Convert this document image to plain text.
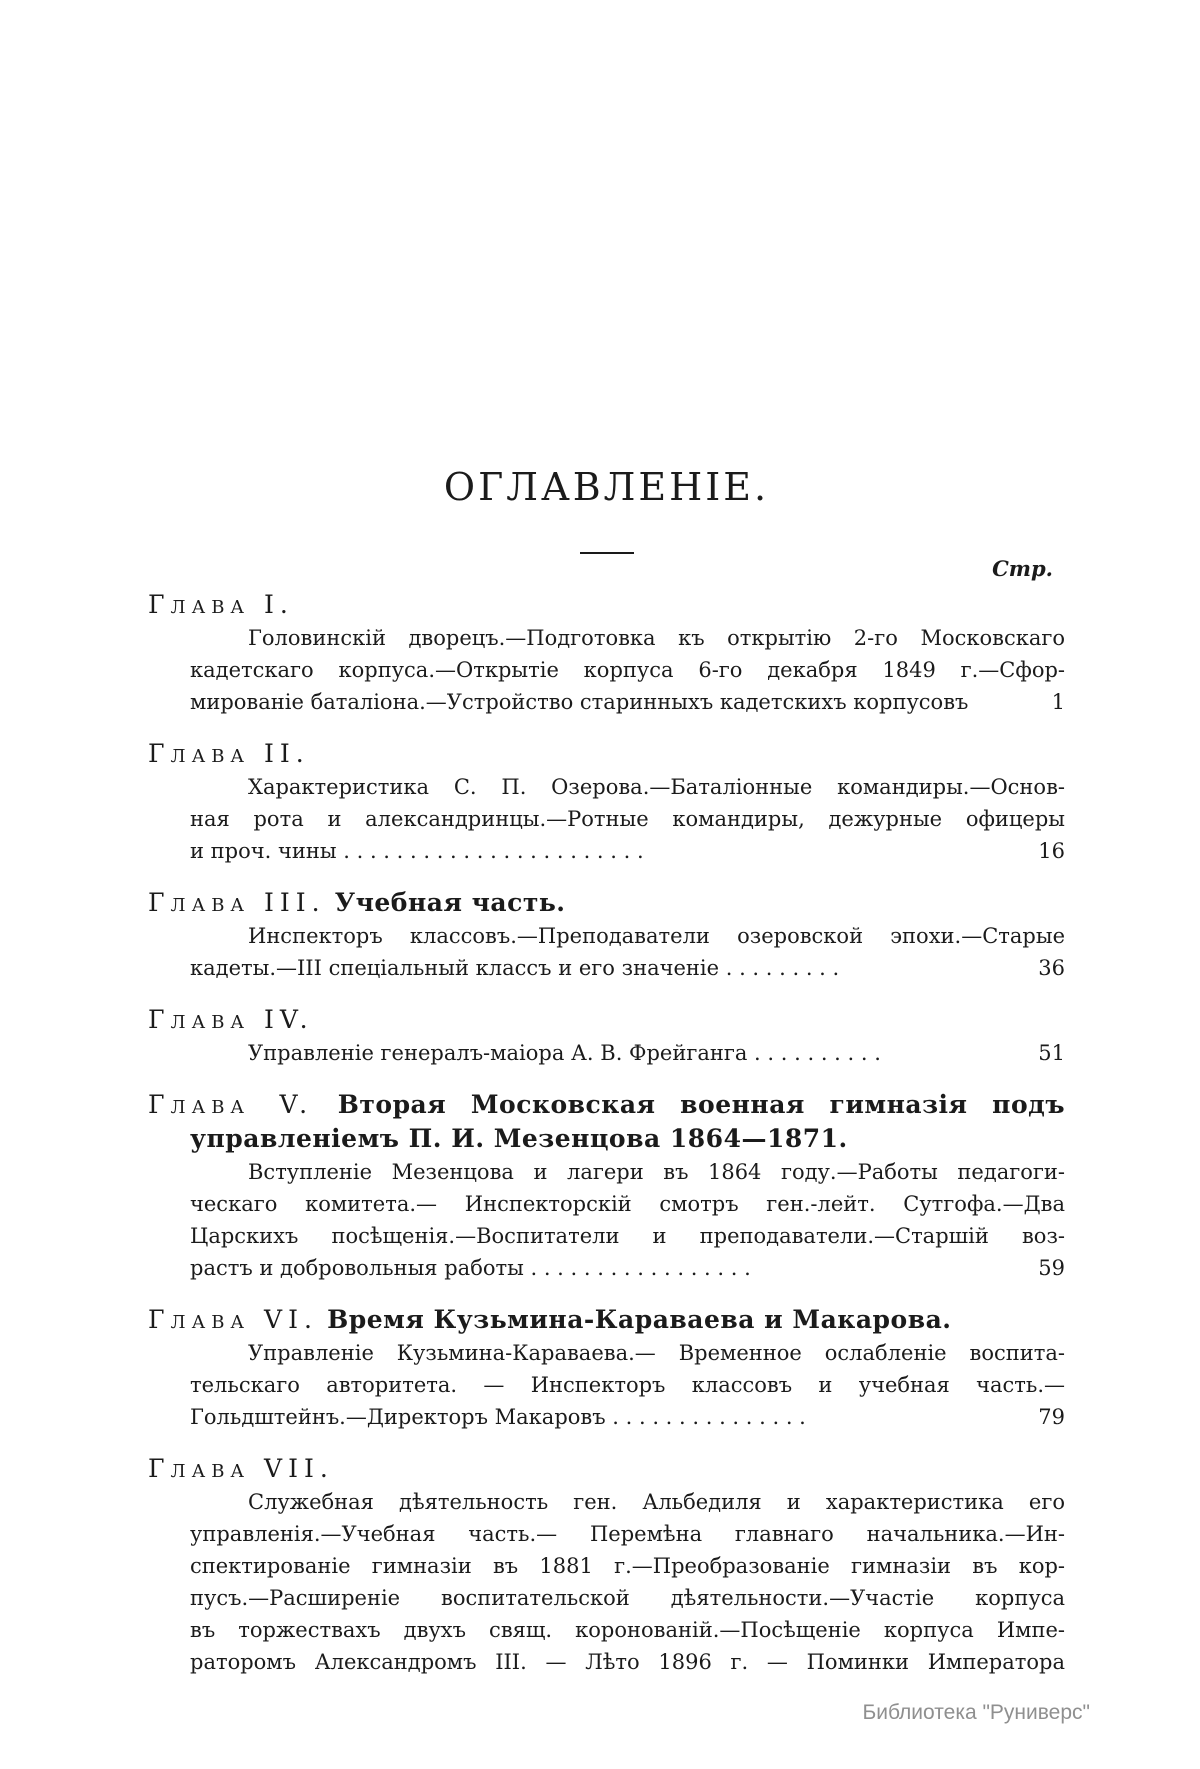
ОГЛАВЛЕНІЕ.
Стр.
Глава I.
Головинскій дворецъ.—Подготовка къ открытію 2-го Московскаго
кадетскаго корпуса.—Открытіе корпуса 6-го декабря 1849 г.—Сфор-
мированіе баталіона.—Устройство старинныхъ кадетскихъ корпусовъ	1
Глава II.
Характеристика С. П. Озерова.—Баталіонные командиры.—Основ-
ная рота и александринцы.—Ротные командиры, дежурные офицеры
и проч. чины . . . . . . . . . . . . . . . . . . . . . . .	16
Глава III. Учебная часть.
Инспекторъ классовъ.—Преподаватели озеровской эпохи.—Старые
кадеты.—III спеціальный классъ и его значеніе . . . . . . . . .	36
Глава IV.
Управленіе генералъ-маіора А. В. Фрейганга . . . . . . . . . .	51
Глава V. Вторая Московская военная гимназія подъ управленіемъ П. И. Мезенцова 1864—1871.
Вступленіе Мезенцова и лагери въ 1864 году.—Работы педагоги-
ческаго комитета.— Инспекторскій смотръ ген.-лейт. Сутгофа.—Два
Царскихъ посѣщенія.—Воспитатели и преподаватели.—Старшій воз-
растъ и добровольныя работы . . . . . . . . . . . . . . . . .	59
Глава VI. Время Кузьмина-Караваева и Макарова.
Управленіе Кузьмина-Караваева.— Временное ослабленіе воспита-
тельскаго авторитета. — Инспекторъ классовъ и учебная часть.—
Гольдштейнъ.—Директоръ Макаровъ . . . . . . . . . . . . . . .	79
Глава VII.
Служебная дѣятельность ген. Альбедиля и характеристика его
управленія.—Учебная часть.— Перемѣна главнаго начальника.—Ин-
спектированіе гимназіи въ 1881 г.—Преобразованіе гимназіи въ кор-
пусъ.—Расширеніе воспитательской дѣятельности.—Участіе корпуса
въ торжествахъ двухъ свящ. коронованій.—Посѣщеніе корпуса Импе-
раторомъ Александромъ III. — Лѣто 1896 г. — Поминки Императора
Библиотека "Руниверс"
